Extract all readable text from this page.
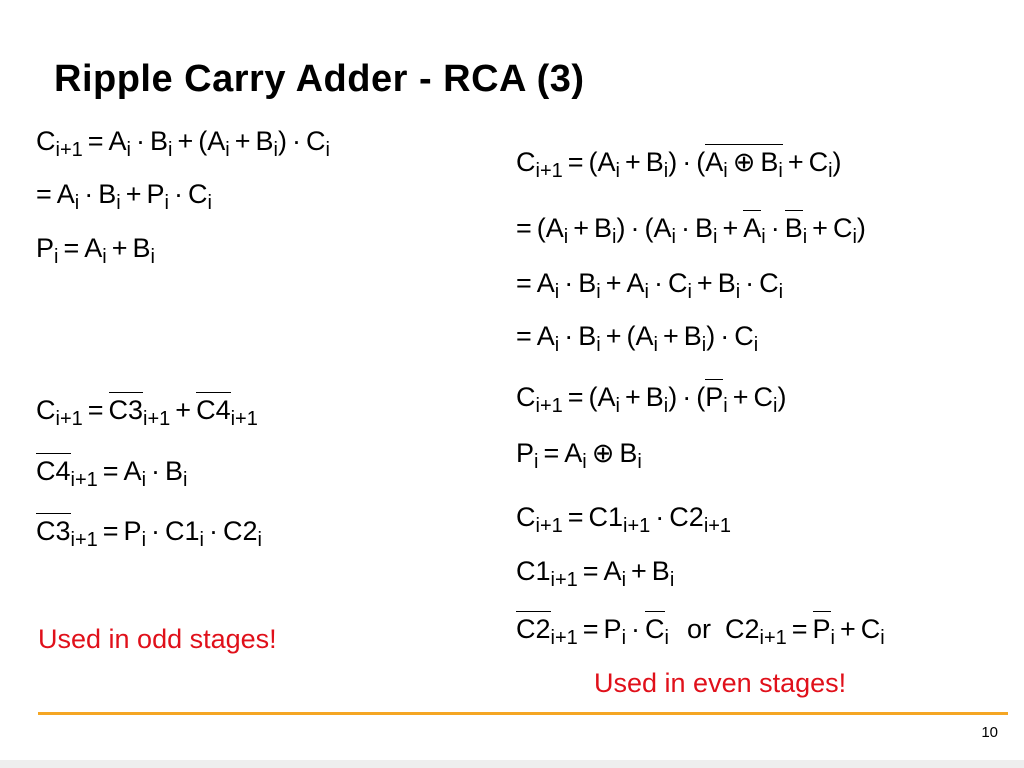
Ripple Carry Adder - RCA (3)
$C_{i+1} = A_i \cdot B_i + (A_i + B_i) \cdot C_i$
= $A_i \cdot B_i + P_i \cdot C_i$
$P_i = A_i + B_i$
$C_{i+1} = C3_{i+1} + C4_{i+1}$
$C4_{i+1} = A_i \cdot B_i$
$C3_{i+1} = P_i \cdot C1_i \cdot C2_i$
Used in odd stages!
$C_{i+1} = (A_i + B_i) \cdot (A_i$ ⊕ $B_i + C_i$)
= $(A_i + B_i) \cdot (A_i \cdot B_i + A_i \cdot B_i + C_i)$
= $A_i \cdot B_i + A_i \cdot C_i + B_i \cdot C_i$
= $A_i \cdot B_i + (A_i + B_i) \cdot C_i$
$C_{i+1} = (A_i + B_i) \cdot (P_i + C_i)$
$P_i = A_i$ ⊕ $B_i$
$C_{i+1} = C1_{i+1} \cdot C2_{i+1}$
$C1_{i+1} = A_i + B_i$
$C2_{i+1} = P_i \cdot C_i$ or $C2_{i+1} = P_i + C_i$
Used in even stages!
10
